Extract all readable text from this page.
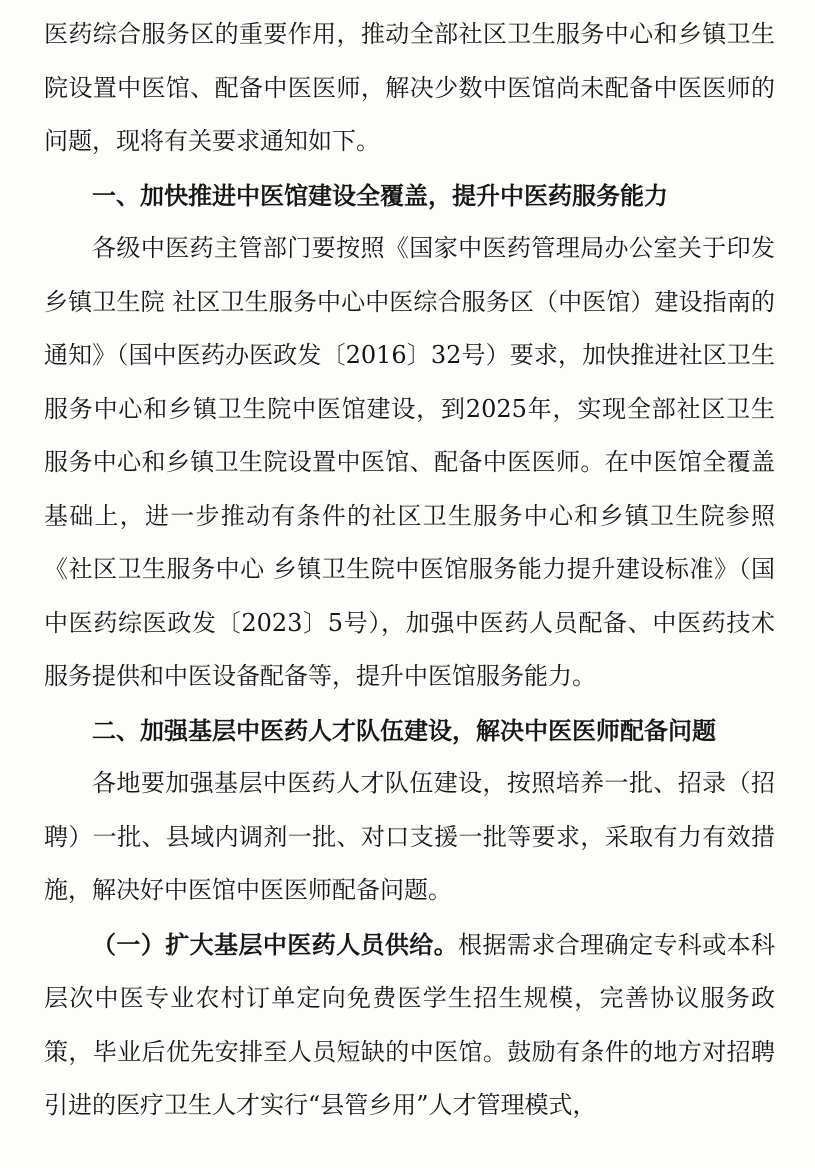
医药综合服务区的重要作用，推动全部社区卫生服务中心和乡镇卫生院设置中医馆、配备中医医师，解决少数中医馆尚未配备中医医师的问题，现将有关要求通知如下。

一、加快推进中医馆建设全覆盖，提升中医药服务能力

各级中医药主管部门要按照《国家中医药管理局办公室关于印发乡镇卫生院 社区卫生服务中心中医综合服务区（中医馆）建设指南的通知》（国中医药办医政发〔2016〕32号）要求，加快推进社区卫生服务中心和乡镇卫生院中医馆建设，到2025年，实现全部社区卫生服务中心和乡镇卫生院设置中医馆、配备中医医师。在中医馆全覆盖基础上，进一步推动有条件的社区卫生服务中心和乡镇卫生院参照《社区卫生服务中心 乡镇卫生院中医馆服务能力提升建设标准》（国中医药综医政发〔2023〕5号），加强中医药人员配备、中医药技术服务提供和中医设备配备等，提升中医馆服务能力。

二、加强基层中医药人才队伍建设，解决中医医师配备问题

各地要加强基层中医药人才队伍建设，按照培养一批、招录（招聘）一批、县域内调剂一批、对口支援一批等要求，采取有力有效措施，解决好中医馆中医医师配备问题。

（一）扩大基层中医药人员供给。根据需求合理确定专科或本科层次中医专业农村订单定向免费医学生招生规模，完善协议服务政策，毕业后优先安排至人员短缺的中医馆。鼓励有条件的地方对招聘引进的医疗卫生人才实行“县管乡用”人才管理模式，
